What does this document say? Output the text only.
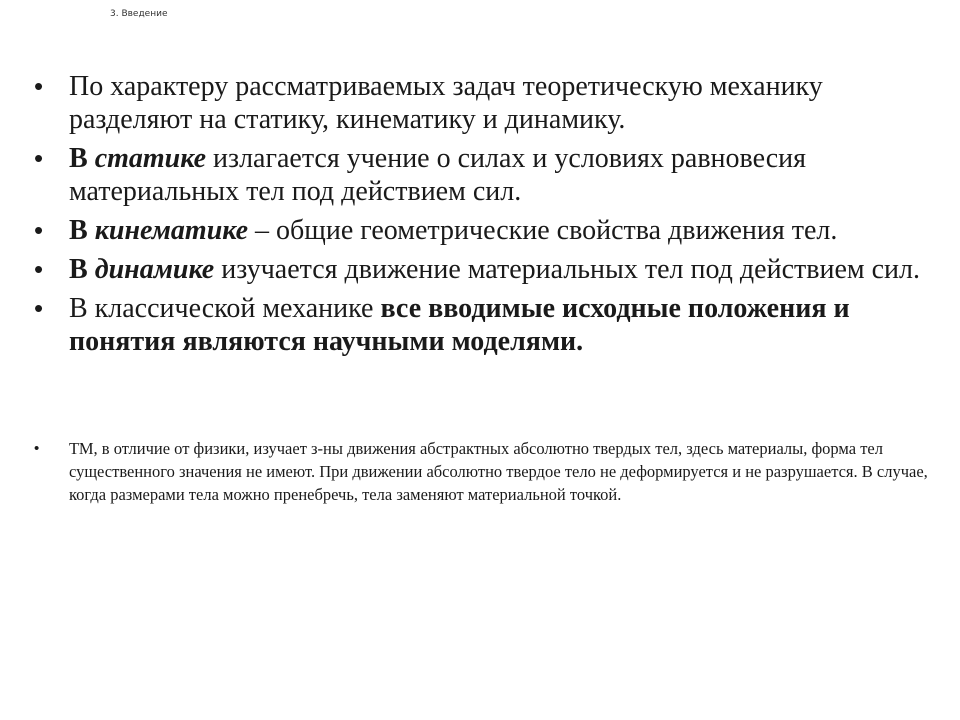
3. Введение
• По характеру рассматриваемых задач теоретическую механику разделяют на статику, кинематику и динамику.
• В статике излагается учение о силах и условиях равновесия материальных тел под действием сил.
• В кинематике – общие геометрические свойства движения тел.
• В динамике изучается движение материальных тел под действием сил.
• В классической механике все вводимые исходные положения и понятия являются научными моделями.
• ТМ, в отличие от физики, изучает з-ны движения абстрактных абсолютно твердых тел, здесь материалы, форма тел существенного значения не имеют. При движении абсолютно твердое тело не деформируется и не разрушается. В случае, когда размерами тела можно пренебречь, тела заменяют материальной точкой.
